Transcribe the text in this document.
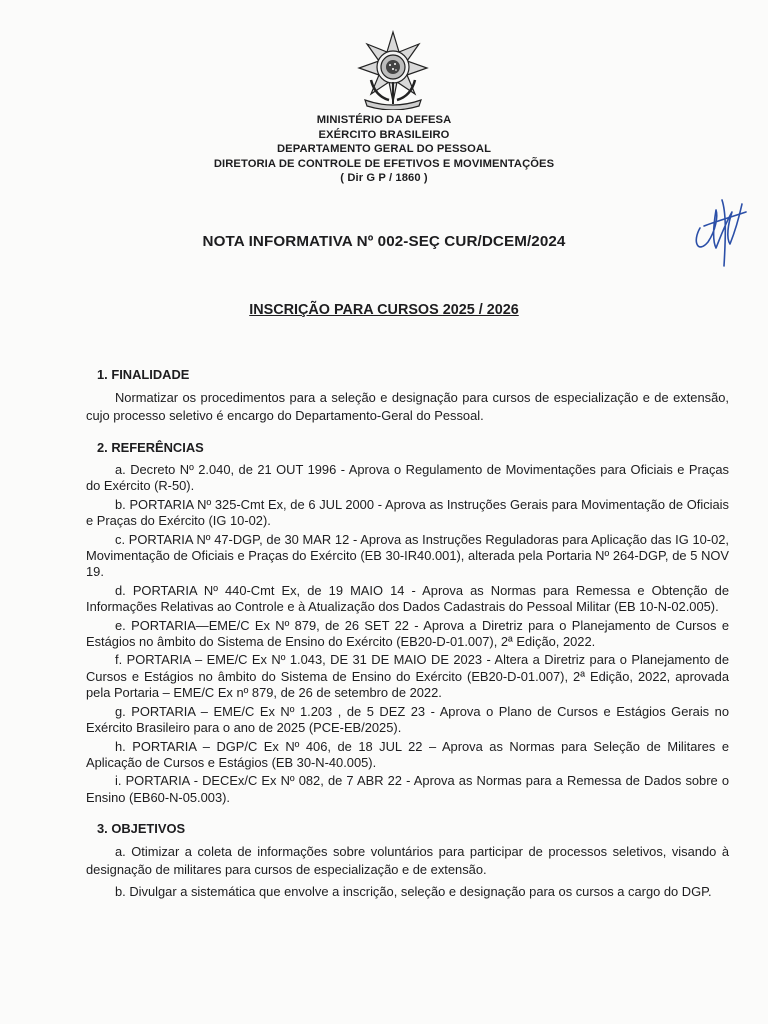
MINISTÉRIO DA DEFESA
EXÉRCITO BRASILEIRO
DEPARTAMENTO GERAL DO PESSOAL
DIRETORIA DE CONTROLE DE EFETIVOS E MOVIMENTAÇÕES
( Dir G P / 1860 )
NOTA INFORMATIVA Nº 002-SEÇ CUR/DCEM/2024
INSCRIÇÃO PARA CURSOS 2025 / 2026
1. FINALIDADE
Normatizar os procedimentos para a seleção e designação para cursos de especialização e de extensão, cujo processo seletivo é encargo do Departamento-Geral do Pessoal.
2. REFERÊNCIAS
a. Decreto Nº 2.040, de 21 OUT 1996 - Aprova o Regulamento de Movimentações para Oficiais e Praças do Exército (R-50).
b. PORTARIA Nº 325-Cmt Ex, de 6 JUL 2000 - Aprova as Instruções Gerais para Movimentação de Oficiais e Praças do Exército (IG 10-02).
c. PORTARIA Nº 47-DGP, de 30 MAR 12 - Aprova as Instruções Reguladoras para Aplicação das IG 10-02, Movimentação de Oficiais e Praças do Exército (EB 30-IR40.001), alterada pela Portaria Nº 264-DGP, de 5 NOV 19.
d. PORTARIA Nº 440-Cmt Ex, de 19 MAIO 14 - Aprova as Normas para Remessa e Obtenção de Informações Relativas ao Controle e à Atualização dos Dados Cadastrais do Pessoal Militar (EB 10-N-02.005).
e. PORTARIA—EME/C Ex Nº 879, de 26 SET 22 - Aprova a Diretriz para o Planejamento de Cursos e Estágios no âmbito do Sistema de Ensino do Exército (EB20-D-01.007), 2ª Edição, 2022.
f. PORTARIA – EME/C Ex Nº 1.043, DE 31 DE MAIO DE 2023 - Altera a Diretriz para o Planejamento de Cursos e Estágios no âmbito do Sistema de Ensino do Exército (EB20-D-01.007), 2ª Edição, 2022, aprovada pela Portaria – EME/C Ex nº 879, de 26 de setembro de 2022.
g. PORTARIA – EME/C Ex Nº 1.203 , de 5 DEZ 23 - Aprova o Plano de Cursos e Estágios Gerais no Exército Brasileiro para o ano de 2025 (PCE-EB/2025).
h. PORTARIA – DGP/C Ex Nº 406, de 18 JUL 22 – Aprova as Normas para Seleção de Militares e Aplicação de Cursos e Estágios (EB 30-N-40.005).
i. PORTARIA - DECEx/C Ex Nº 082, de 7 ABR 22 - Aprova as Normas para a Remessa de Dados sobre o Ensino (EB60-N-05.003).
3. OBJETIVOS
a. Otimizar a coleta de informações sobre voluntários para participar de processos seletivos, visando à designação de militares para cursos de especialização e de extensão.
b. Divulgar a sistemática que envolve a inscrição, seleção e designação para os cursos a cargo do DGP.
